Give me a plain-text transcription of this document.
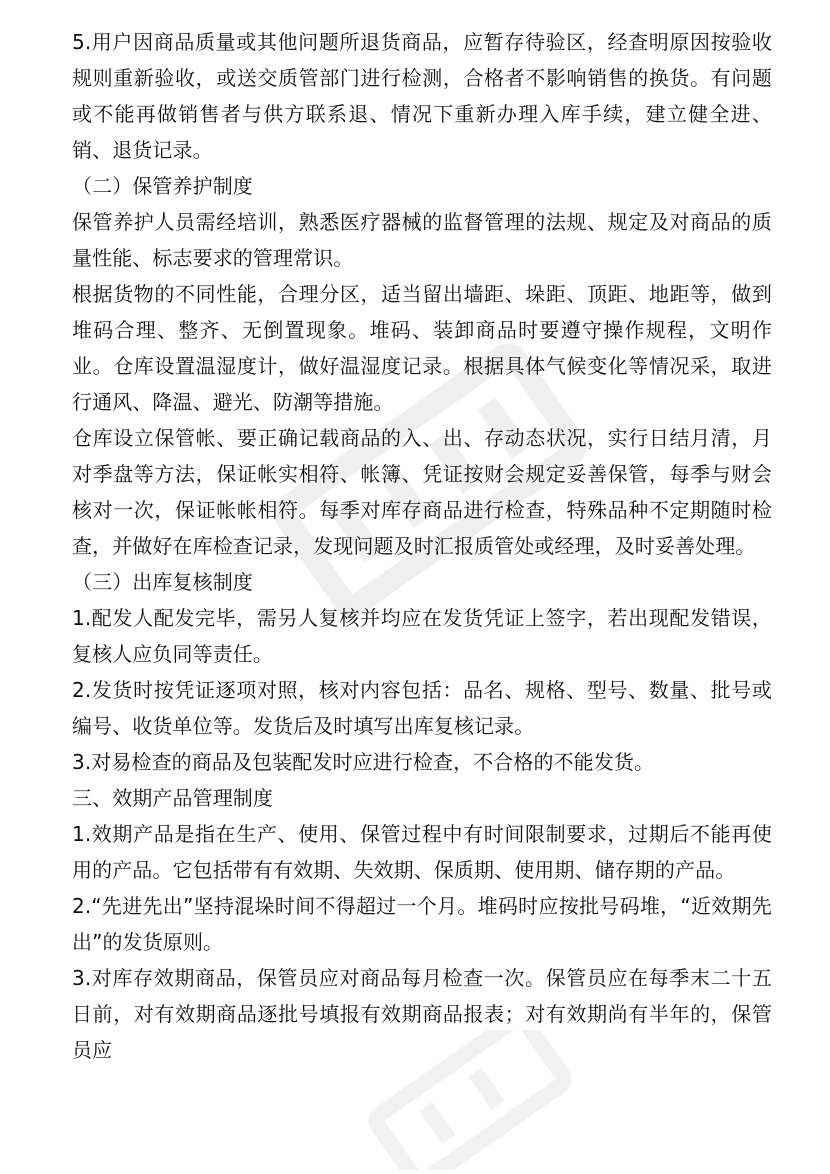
5.用户因商品质量或其他问题所退货商品，应暂存待验区，经查明原因按验收规则重新验收，或送交质管部门进行检测，合格者不影响销售的换货。有问题或不能再做销售者与供方联系退、情况下重新办理入库手续，建立健全进、销、退货记录。

（二）保管养护制度

保管养护人员需经培训，熟悉医疗器械的监督管理的法规、规定及对商品的质量性能、标志要求的管理常识。

根据货物的不同性能，合理分区，适当留出墙距、垛距、顶距、地距等，做到堆码合理、整齐、无倒置现象。堆码、装卸商品时要遵守操作规程，文明作业。仓库设置温湿度计，做好温湿度记录。根据具体气候变化等情况采，取进行通风、降温、避光、防潮等措施。

仓库设立保管帐、要正确记载商品的入、出、存动态状况，实行日结月清，月对季盘等方法，保证帐实相符、帐簿、凭证按财会规定妥善保管，每季与财会核对一次，保证帐帐相符。每季对库存商品进行检查，特殊品种不定期随时检查，并做好在库检查记录，发现问题及时汇报质管处或经理，及时妥善处理。

（三）出库复核制度

1.配发人配发完毕，需另人复核并均应在发货凭证上签字，若出现配发错误，复核人应负同等责任。

2.发货时按凭证逐项对照，核对内容包括：品名、规格、型号、数量、批号或编号、收货单位等。发货后及时填写出库复核记录。

3.对易检查的商品及包装配发时应进行检查，不合格的不能发货。

三、效期产品管理制度

1.效期产品是指在生产、使用、保管过程中有时间限制要求，过期后不能再使用的产品。它包括带有有效期、失效期、保质期、使用期、储存期的产品。

2.“先进先出”坚持混垛时间不得超过一个月。堆码时应按批号码堆，“近效期先出”的发货原则。

3.对库存效期商品，保管员应对商品每月检查一次。保管员应在每季末二十五日前，对有效期商品逐批号填报有效期商品报表；对有效期尚有半年的，保管员应
